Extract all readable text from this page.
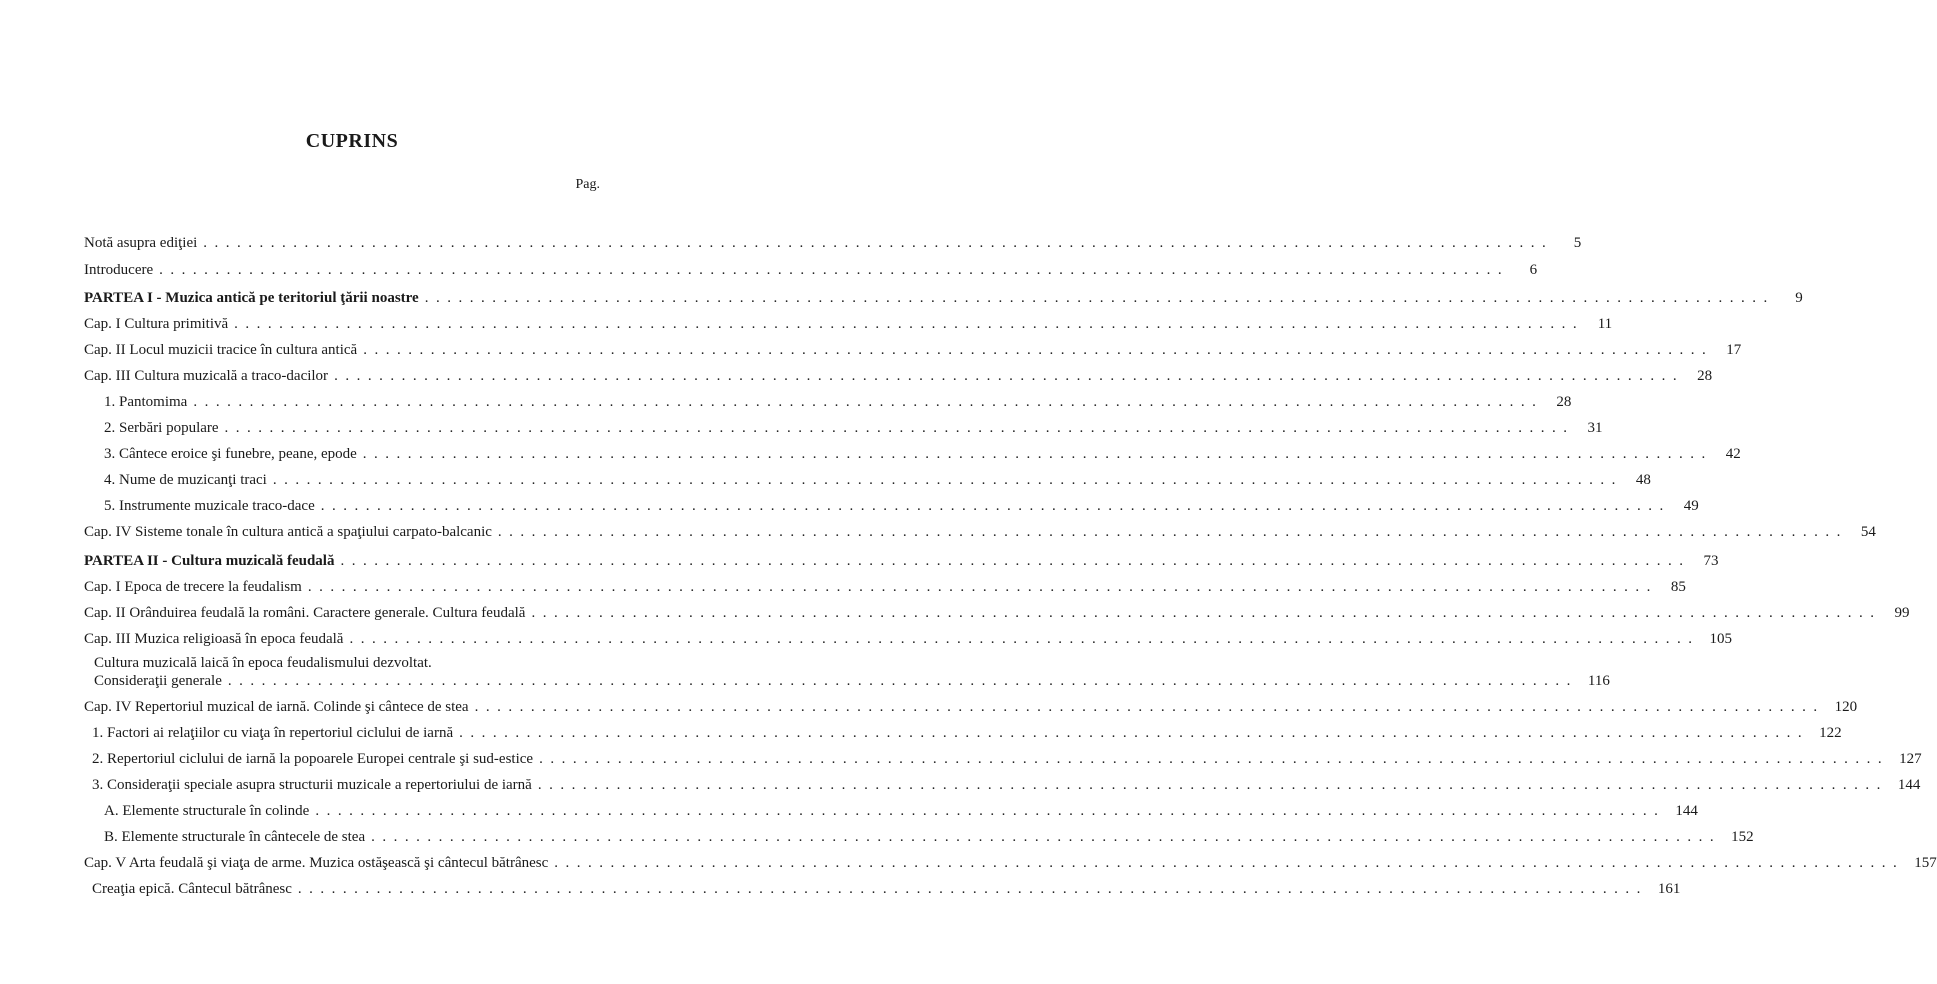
CUPRINS
Pag.
Notă asupra ediţiei  . . . . . . . . . . . . . . . . . . . . . . . . . . . . . . . . . . . . . . . . . . . . . . . . . . . . . . . . . . . . . . . . . . . . . . . . . . . . . . . . . . . . . . . . . . . . . . . . . . . . . . . . . . . . . . . . . . . . . . . .	5
Introducere  . . . . . . . . . . . . . . . . . . . . . . . . . . . . . . . . . . . . . . . . . . . . . . . . . . . . . . . . . . . . . . . . . . . . . . . . . . . . . . . . . . . . . . . . . . . . . . . . . . . . . . . . . . . . . . . . . . . . . . . .	6
PARTEA I - Muzica antică pe teritoriul ţării noastre  . . . . . . . . . . . . . . . . . . . . . . . . . . . . . . . . . . . . . . . . . . . . . . . . . . . . . . . . . . . . . . . . . . . . . . . . . . . . . . . . . . . . . . . . . . . . . . . . . . . . . . . . . . . . . . . . . . . . . . . .	9
Cap. I Cultura primitivă  . . . . . . . . . . . . . . . . . . . . . . . . . . . . . . . . . . . . . . . . . . . . . . . . . . . . . . . . . . . . . . . . . . . . . . . . . . . . . . . . . . . . . . . . . . . . . . . . . . . . . . . . . . . . . . . . . . . . . . . . 11
Cap. II Locul muzicii tracice în cultura antică  . . . . . . . . . . . . . . . . . . . . . . . . . . . . . . . . . . . . . . . . . . . . . . . . . . . . . . . . . . . . . . . . . . . . . . . . . . . . . . . . . . . . . . . . . . . . . . . . . . . . . . . . . . . . . . . . . . . . . . . . 17
Cap. III Cultura muzicală a traco-dacilor  . . . . . . . . . . . . . . . . . . . . . . . . . . . . . . . . . . . . . . . . . . . . . . . . . . . . . . . . . . . . . . . . . . . . . . . . . . . . . . . . . . . . . . . . . . . . . . . . . . . . . . . . . . . . . . . . . . . . . . . . 28
1. Pantomima  . . . . . . . . . . . . . . . . . . . . . . . . . . . . . . . . . . . . . . . . . . . . . . . . . . . . . . . . . . . . . . . . . . . . . . . . . . . . . . . . . . . . . . . . . . . . . . . . . . . . . . . . . . . . . . . . . . . . . . . . 28
2. Serbări populare  . . . . . . . . . . . . . . . . . . . . . . . . . . . . . . . . . . . . . . . . . . . . . . . . . . . . . . . . . . . . . . . . . . . . . . . . . . . . . . . . . . . . . . . . . . . . . . . . . . . . . . . . . . . . . . . . . . . . . . . . 31
3. Cântece eroice şi funebre, peane, epode  . . . . . . . . . . . . . . . . . . . . . . . . . . . . . . . . . . . . . . . . . . . . . . . . . . . . . . . . . . . . . . . . . . . . . . . . . . . . . . . . . . . . . . . . . . . . . . . . . . . . . . . . . . . . . . . . . . . . . . . . 42
4. Nume de muzicanţi traci  . . . . . . . . . . . . . . . . . . . . . . . . . . . . . . . . . . . . . . . . . . . . . . . . . . . . . . . . . . . . . . . . . . . . . . . . . . . . . . . . . . . . . . . . . . . . . . . . . . . . . . . . . . . . . . . . . . . . . . . . 48
5. Instrumente muzicale traco-dace  . . . . . . . . . . . . . . . . . . . . . . . . . . . . . . . . . . . . . . . . . . . . . . . . . . . . . . . . . . . . . . . . . . . . . . . . . . . . . . . . . . . . . . . . . . . . . . . . . . . . . . . . . . . . . . . . . . . . . . . . 49
Cap. IV Sisteme tonale în cultura antică a spaţiului carpato-balcanic  . . . . . . . . . . . . . . . . . . . . . . . . . . . . . . . . . . . . . . . . . . . . . . . . . . . . . . . . . . . . . . . . . . . . . . . . . . . . . . . . . . . . . . . . . . . . . . . . . . . . . . . . . . . . . . . . . . . . . . . . 54
PARTEA II - Cultura muzicală feudală  . . . . . . . . . . . . . . . . . . . . . . . . . . . . . . . . . . . . . . . . . . . . . . . . . . . . . . . . . . . . . . . . . . . . . . . . . . . . . . . . . . . . . . . . . . . . . . . . . . . . . . . . . . . . . . . . . . . . . . . . 73
Cap. I Epoca de trecere la feudalism  . . . . . . . . . . . . . . . . . . . . . . . . . . . . . . . . . . . . . . . . . . . . . . . . . . . . . . . . . . . . . . . . . . . . . . . . . . . . . . . . . . . . . . . . . . . . . . . . . . . . . . . . . . . . . . . . . . . . . . . . 85
Cap. II Orânduirea feudală la români. Caractere generale. Cultura feudală  . . . . . . . . . . . . . . . . . . . . . . . . . . . . . . . . . . . . . . . . . . . . . . . . . . . . . . . . . . . . . . . . . . . . . . . . . . . . . . . . . . . . . . . . . . . . . . . . . . . . . . . . . . . . . . . . . . . . . . . . 99
Cap. III Muzica religioasă în epoca feudală  . . . . . . . . . . . . . . . . . . . . . . . . . . . . . . . . . . . . . . . . . . . . . . . . . . . . . . . . . . . . . . . . . . . . . . . . . . . . . . . . . . . . . . . . . . . . . . . . . . . . . . . . . . . . . . . . . . . . . . . . 105
Cultura muzicală laică în epoca feudalismului dezvoltat.
Consideraţii generale  . . . . . . . . . . . . . . . . . . . . . . . . . . . . . . . . . . . . . . . . . . . . . . . . . . . . . . . . . . . . . . . . . . . . . . . . . . . . . . . . . . . . . . . . . . . . . . . . . . . . . . . . . . . . . . . . . . . . . . . . 116
Cap. IV Repertoriul muzical de iarnă. Colinde şi cântece de stea  . . . . . . . . . . . . . . . . . . . . . . . . . . . . . . . . . . . . . . . . . . . . . . . . . . . . . . . . . . . . . . . . . . . . . . . . . . . . . . . . . . . . . . . . . . . . . . . . . . . . . . . . . . . . . . . . . . . . . . . . 120
1. Factori ai relaţiilor cu viaţa în repertoriul ciclului de iarnă  . . . . . . . . . . . . . . . . . . . . . . . . . . . . . . . . . . . . . . . . . . . . . . . . . . . . . . . . . . . . . . . . . . . . . . . . . . . . . . . . . . . . . . . . . . . . . . . . . . . . . . . . . . . . . . . . . . . . . . . . 122
2. Repertoriul ciclului de iarnă la popoarele Europei centrale şi sud-estice  . . . . . . . . . . . . . . . . . . . . . . . . . . . . . . . . . . . . . . . . . . . . . . . . . . . . . . . . . . . . . . . . . . . . . . . . . . . . . . . . . . . . . . . . . . . . . . . . . . . . . . . . . . . . . . . . . . . . . . . . 127
3. Consideraţii speciale asupra structurii muzicale a repertoriului de iarnă  . . . . . . . . . . . . . . . . . . . . . . . . . . . . . . . . . . . . . . . . . . . . . . . . . . . . . . . . . . . . . . . . . . . . . . . . . . . . . . . . . . . . . . . . . . . . . . . . . . . . . . . . . . . . . . . . . . . . . . . . 144
A. Elemente structurale în colinde  . . . . . . . . . . . . . . . . . . . . . . . . . . . . . . . . . . . . . . . . . . . . . . . . . . . . . . . . . . . . . . . . . . . . . . . . . . . . . . . . . . . . . . . . . . . . . . . . . . . . . . . . . . . . . . . . . . . . . . . . 144
B. Elemente structurale în cântecele de stea  . . . . . . . . . . . . . . . . . . . . . . . . . . . . . . . . . . . . . . . . . . . . . . . . . . . . . . . . . . . . . . . . . . . . . . . . . . . . . . . . . . . . . . . . . . . . . . . . . . . . . . . . . . . . . . . . . . . . . . . . 152
Cap. V Arta feudală şi viaţa de arme. Muzica ostăşească şi cântecul bătrânesc  . . . . . . . . . . . . . . . . . . . . . . . . . . . . . . . . . . . . . . . . . . . . . . . . . . . . . . . . . . . . . . . . . . . . . . . . . . . . . . . . . . . . . . . . . . . . . . . . . . . . . . . . . . . . . . . . . . . . . . . . 157
Creaţia epică. Cântecul bătrânesc  . . . . . . . . . . . . . . . . . . . . . . . . . . . . . . . . . . . . . . . . . . . . . . . . . . . . . . . . . . . . . . . . . . . . . . . . . . . . . . . . . . . . . . . . . . . . . . . . . . . . . . . . . . . . . . . . . . . . . . . . 161
